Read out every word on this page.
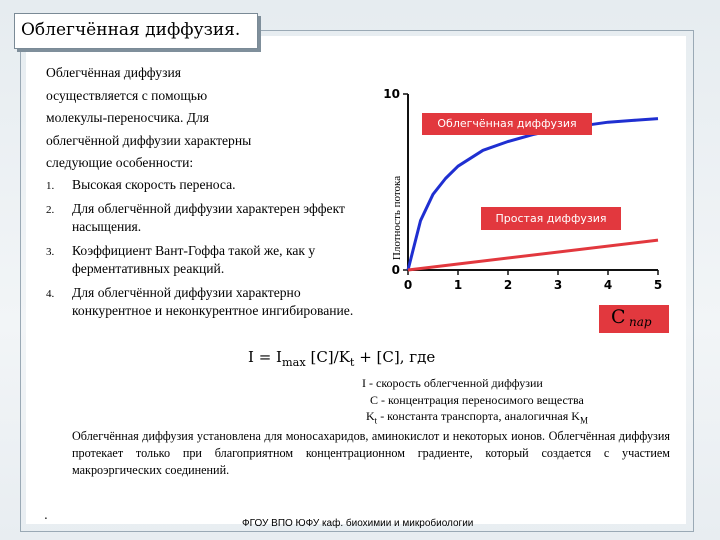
Облегчённая диффузия.
Облегчённая диффузия
осуществляется с помощью
молекулы-переносчика. Для
облегчённой диффузии характерны
следующие особенности:
1. Высокая скорость переноса.
2. Для облегчённой диффузии характерен эффект насыщения.
3. Коэффициент Вант-Гоффа такой же, как у ферментативных реакций.
4. Для облегчённой диффузии характерно конкурентное и неконкурентное ингибирование.
Плотность потока
0	1	2	3	4	5
0
10
Облегчённая диффузия
Простая диффузия
С пар
$I = I_{max}$ $[C]/K_t + [C]$, где
I - скорость облегченной диффузии
С - концентрация переносимого вещества
$K_t$ - константа транспорта, аналогичная $K_M$
Облегчённая диффузия установлена для моносахаридов, аминокислот и некоторых ионов. Облегчённая диффузия протекает только при благоприятном концентрационном градиенте, который создается с участием макроэргических соединений.
.
ФГОУ ВПО ЮФУ каф. биохимии и микробиологии
